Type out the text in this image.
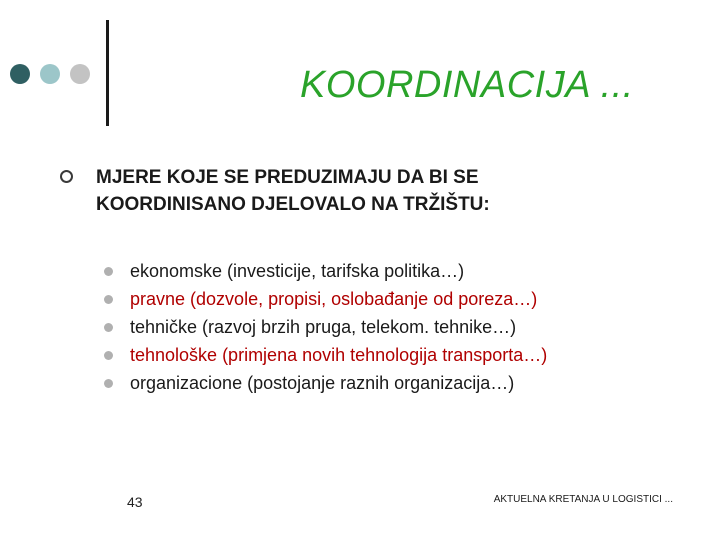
KOORDINACIJA ...
MJERE KOJE SE PREDUZIMAJU DA BI SE
KOORDINISANO DJELOVALO NA TRŽIŠTU:
ekonomske (investicije, tarifska politika…)
pravne (dozvole, propisi, oslobađanje od poreza…)
tehničke (razvoj brzih pruga, telekom. tehnike…)
tehnološke (primjena novih tehnologija transporta…)
organizacione (postojanje raznih organizacija…)
43	AKTUELNA KRETANJA U LOGISTICI ...
